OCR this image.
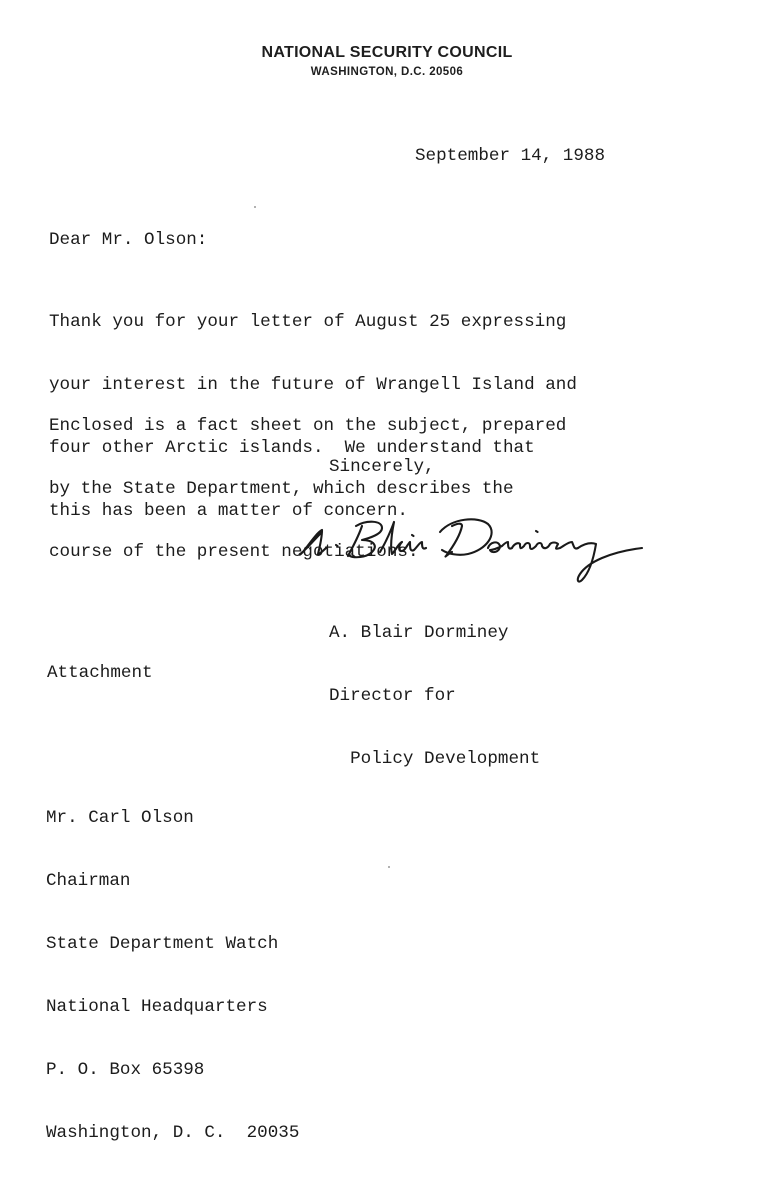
NATIONAL SECURITY COUNCIL
WASHINGTON, D.C. 20506
September 14, 1988
Dear Mr. Olson:

Thank you for your letter of August 25 expressing

your interest in the future of Wrangell Island and

four other Arctic islands.  We understand that

this has been a matter of concern.

Enclosed is a fact sheet on the subject, prepared

by the State Department, which describes the

course of the present negotiations.

Sincerely,

A. Blair Dorminey

Director for

Policy Development

Attachment

Mr. Carl Olson

Chairman

State Department Watch

National Headquarters

P. O. Box 65398

Washington, D. C.  20035
